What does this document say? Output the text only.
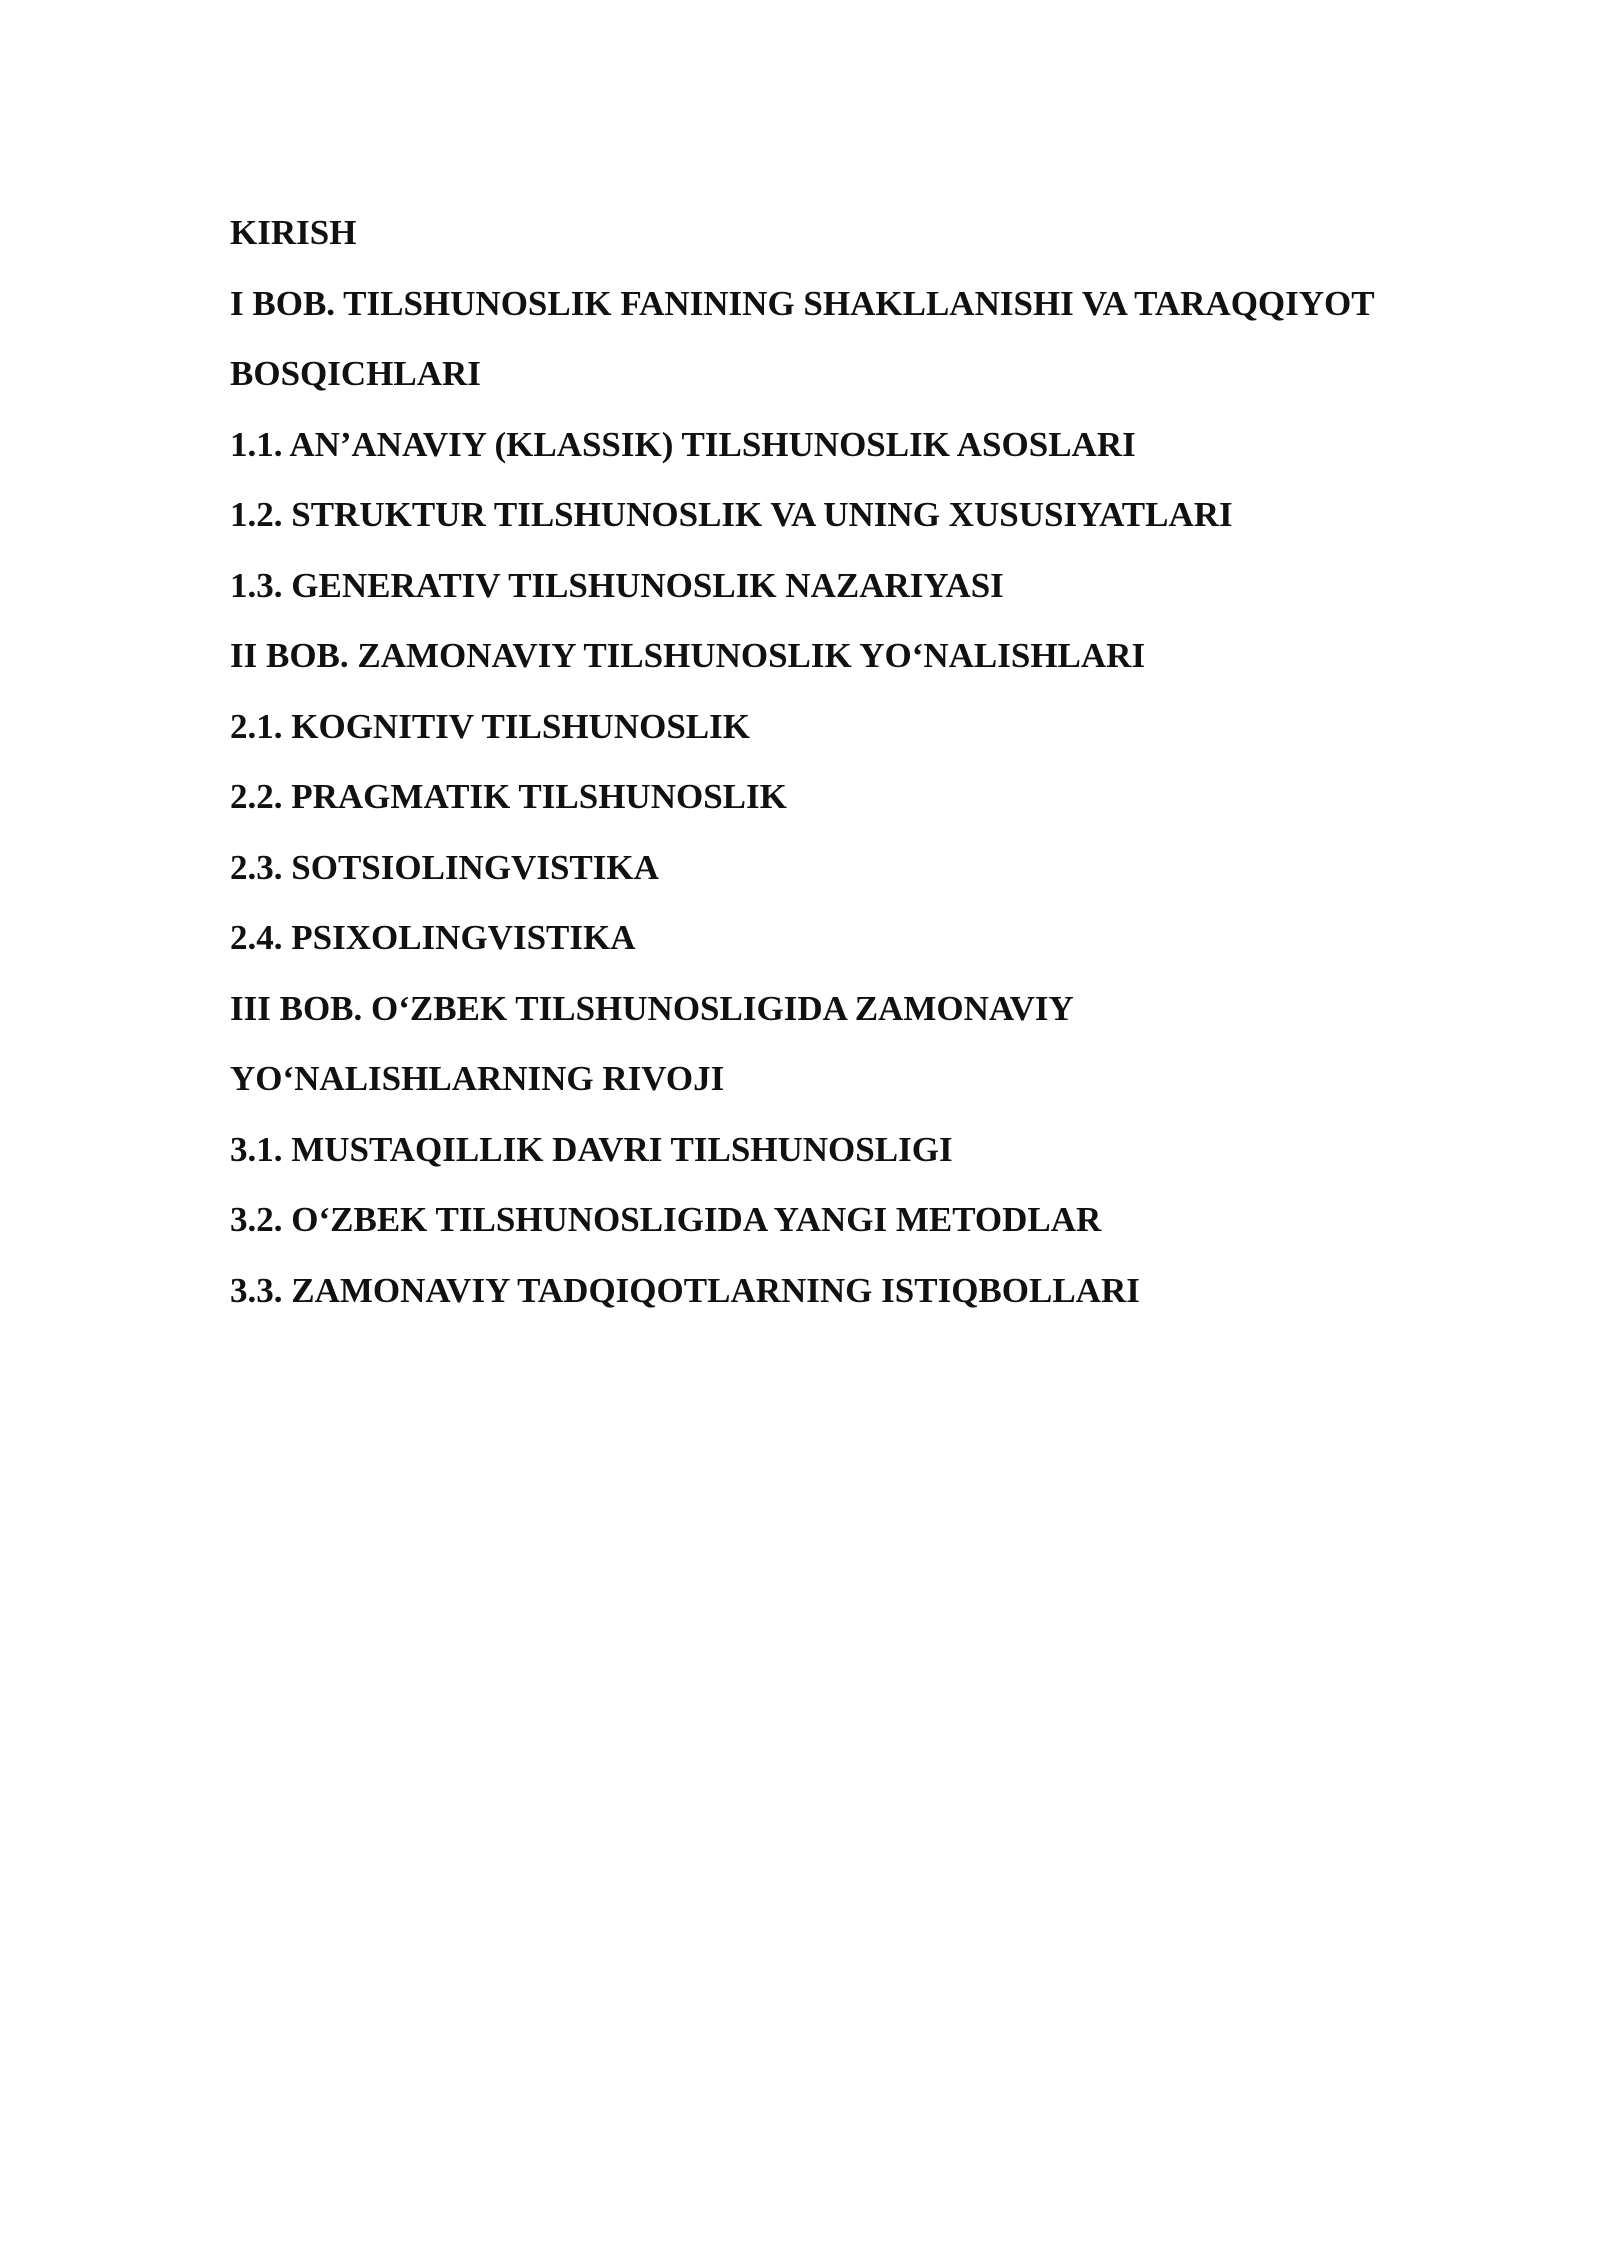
KIRISH
I BOB. TILSHUNOSLIK FANINING SHAKLLANISHI VA TARAQQIYOT
BOSQICHLARI
1.1. AN’ANAVIY (KLASSIK) TILSHUNOSLIK ASOSLARI
1.2. STRUKTUR TILSHUNOSLIK VA UNING XUSUSIYATLARI
1.3. GENERATIV TILSHUNOSLIK NAZARIYASI
II BOB. ZAMONAVIY TILSHUNOSLIK YO‘NALISHLARI
2.1. KOGNITIV TILSHUNOSLIK
2.2. PRAGMATIK TILSHUNOSLIK
2.3. SOTSIOLINGVISTIKA
2.4. PSIXOLINGVISTIKA
III BOB. O‘ZBEK TILSHUNOSLIGIDA ZAMONAVIY
YO‘NALISHLARNING RIVOJI
3.1. MUSTAQILLIK DAVRI TILSHUNOSLIGI
3.2. O‘ZBEK TILSHUNOSLIGIDA YANGI METODLAR
3.3. ZAMONAVIY TADQIQOTLARNING ISTIQBOLLARI
